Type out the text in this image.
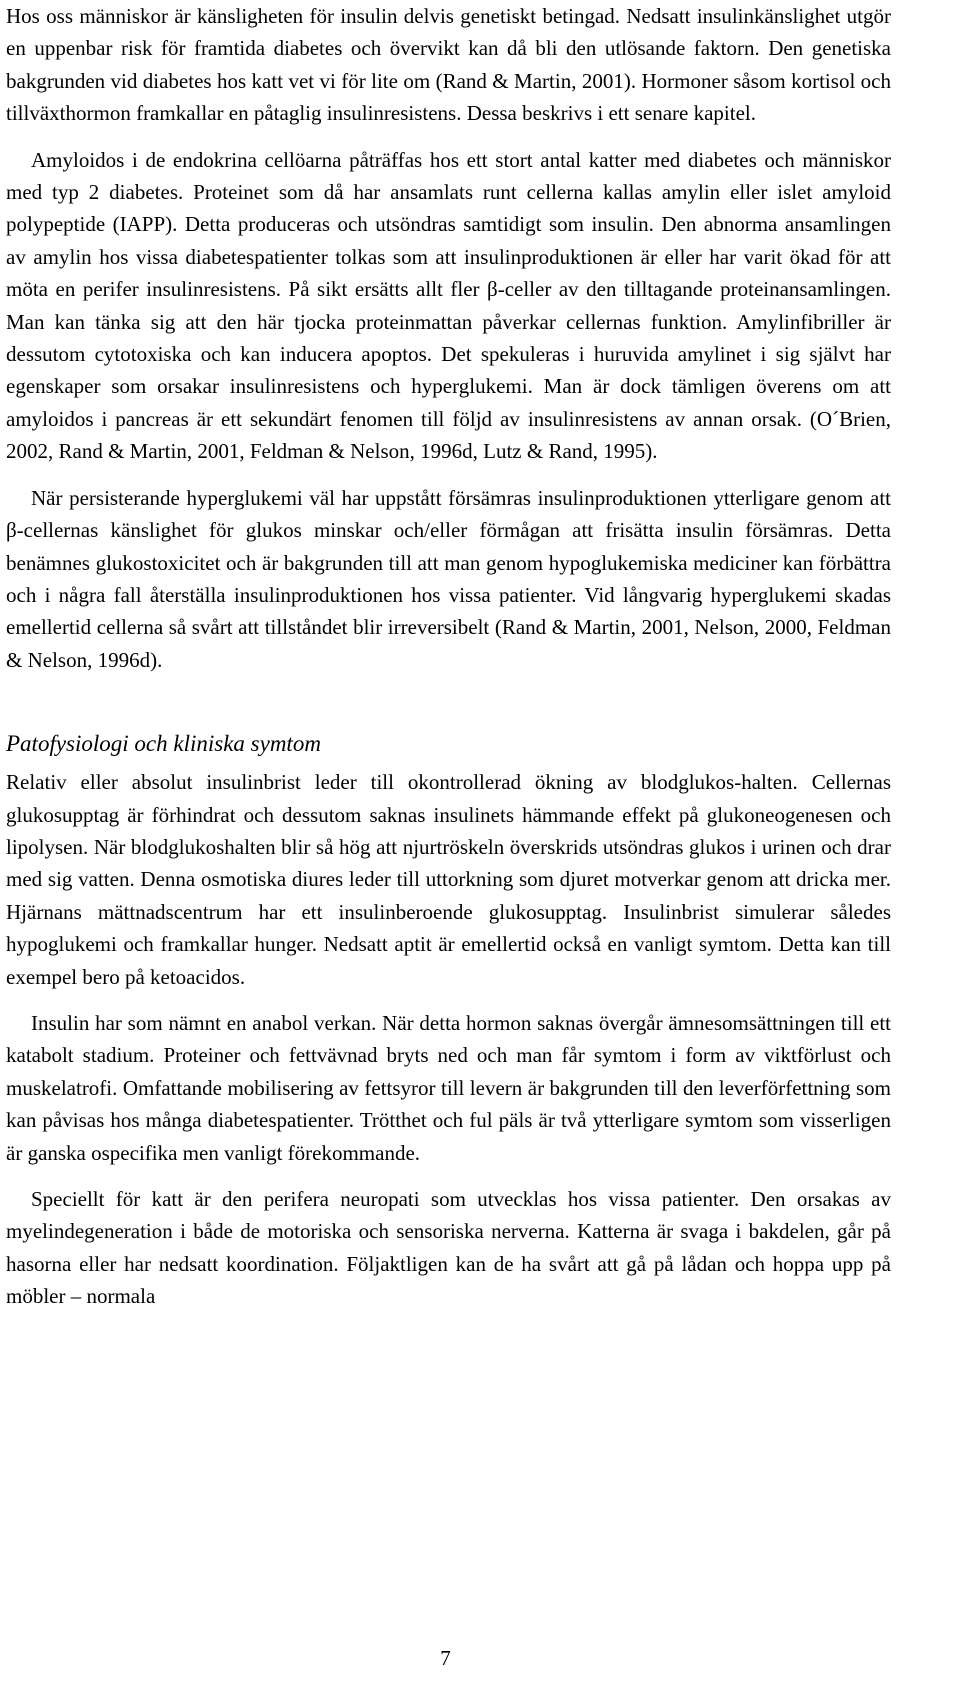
Hos oss människor är känsligheten för insulin delvis genetiskt betingad. Nedsatt insulinkänslighet utgör en uppenbar risk för framtida diabetes och övervikt kan då bli den utlösande faktorn. Den genetiska bakgrunden vid diabetes hos katt vet vi för lite om (Rand & Martin, 2001). Hormoner såsom kortisol och tillväxthormon framkallar en påtaglig insulinresistens. Dessa beskrivs i ett senare kapitel.

Amyloidos i de endokrina cellöarna påträffas hos ett stort antal katter med diabetes och människor med typ 2 diabetes. Proteinet som då har ansamlats runt cellerna kallas amylin eller islet amyloid polypeptide (IAPP). Detta produceras och utsöndras samtidigt som insulin. Den abnorma ansamlingen av amylin hos vissa diabetespatienter tolkas som att insulinproduktionen är eller har varit ökad för att möta en perifer insulinresistens. På sikt ersätts allt fler β-celler av den tilltagande proteinansamlingen. Man kan tänka sig att den här tjocka proteinmattan påverkar cellernas funktion. Amylinfibriller är dessutom cytotoxiska och kan inducera apoptos. Det spekuleras i huruvida amylinet i sig självt har egenskaper som orsakar insulinresistens och hyperglukemi. Man är dock tämligen överens om att amyloidos i pancreas är ett sekundärt fenomen till följd av insulinresistens av annan orsak. (O´Brien, 2002, Rand & Martin, 2001, Feldman & Nelson, 1996d, Lutz & Rand, 1995).

När persisterande hyperglukemi väl har uppstått försämras insulinproduktionen ytterligare genom att β-cellernas känslighet för glukos minskar och/eller förmågan att frisätta insulin försämras. Detta benämnes glukostoxicitet och är bakgrunden till att man genom hypoglukemiska mediciner kan förbättra och i några fall återställa insulinproduktionen hos vissa patienter. Vid långvarig hyperglukemi skadas emellertid cellerna så svårt att tillståndet blir irreversibelt (Rand & Martin, 2001, Nelson, 2000, Feldman & Nelson, 1996d).

Patofysiologi och kliniska symtom

Relativ eller absolut insulinbrist leder till okontrollerad ökning av blodglukos-halten. Cellernas glukosupptag är förhindrat och dessutom saknas insulinets hämmande effekt på glukoneogenesen och lipolysen. När blodglukoshalten blir så hög att njurtröskeln överskrids utsöndras glukos i urinen och drar med sig vatten. Denna osmotiska diures leder till uttorkning som djuret motverkar genom att dricka mer. Hjärnans mättnadscentrum har ett insulinberoende glukosupptag. Insulinbrist simulerar således hypoglukemi och framkallar hunger. Nedsatt aptit är emellertid också en vanligt symtom. Detta kan till exempel bero på ketoacidos.

Insulin har som nämnt en anabol verkan. När detta hormon saknas övergår ämnesomsättningen till ett katabolt stadium. Proteiner och fettvävnad bryts ned och man får symtom i form av viktförlust och muskelatrofi. Omfattande mobilisering av fettsyror till levern är bakgrunden till den leverförfettning som kan påvisas hos många diabetespatienter. Trötthet och ful päls är två ytterligare symtom som visserligen är ganska ospecifika men vanligt förekommande.

Speciellt för katt är den perifera neuropati som utvecklas hos vissa patienter. Den orsakas av myelindegeneration i både de motoriska och sensoriska nerverna. Katterna är svaga i bakdelen, går på hasorna eller har nedsatt koordination. Följaktligen kan de ha svårt att gå på lådan och hoppa upp på möbler – normala

7
